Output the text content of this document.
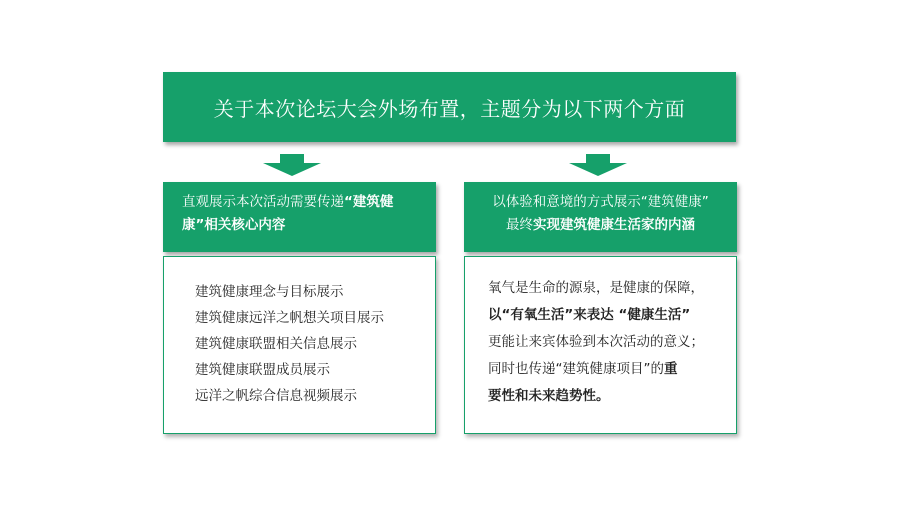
关于本次论坛大会外场布置，主题分为以下两个方面
直观展示本次活动需要传递“建筑健
康”相关核心内容
以体验和意境的方式展示“建筑健康”
最终实现建筑健康生活家的内涵
建筑健康理念与目标展示
建筑健康远洋之帆想关项目展示
建筑健康联盟相关信息展示
建筑健康联盟成员展示
远洋之帆综合信息视频展示
氧气是生命的源泉，是健康的保障，
以“有氧生活”来表达 “健康生活”
更能让来宾体验到本次活动的意义；
同时也传递“建筑健康项目”的重
要性和未来趋势性。
